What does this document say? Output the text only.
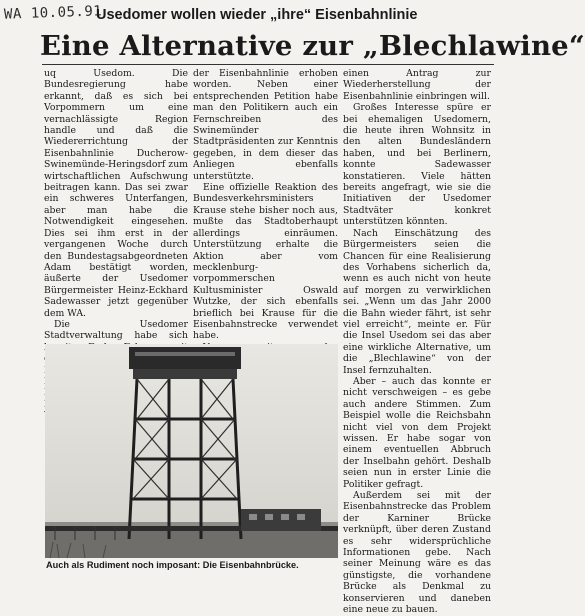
WA 10.05.91
Usedomer wollen wieder „ihre“ Eisenbahnlinie
Eine Alternative zur „Blechlawine“

uq Usedom. Die Bundesregierung habe erkannt, daß es sich bei Vorpommern um eine vernachlässigte Region handle und daß die Wiedererrichtung der Eisenbahnlinie Ducherow-Swinemünde-Heringsdorf zum wirtschaftlichen Aufschwung beitragen kann. Das sei zwar ein schweres Unterfangen, aber man habe die Notwendigkeit eingesehen. Dies sei ihm erst in der vergangenen Woche durch den Bundestagsabgeordneten Adam bestätigt worden, äußerte der Usedomer Bürgermeister Heinz-Eckhard Sadewasser jetzt gegenüber dem WA.

Die Usedomer Stadtverwaltung habe sich

der Eisenbahnlinie erhoben worden. Neben einer entsprechenden Petition habe man den Politikern auch ein Fernschreiben des Swinemünder Stadtpräsidenten zur Kenntnis gegeben, in dem dieser das Anliegen ebenfalls unterstützte.

Eine offizielle Reaktion des Bundesverkehrsministers Krause stehe bisher noch aus, mußte das Stadtoberhaupt allerdings einräumen. Unterstützung erhalte die Aktion aber vom mecklenburg-vorpommerschen Kultusminister Oswald Wutzke, der sich ebenfalls brieflich bei Krause für die Eisenbahnstrecke verwendet habe.

einen Antrag zur Wiederherstellung der Eisenbahnlinie einbringen will.

Großes Interesse spüre er bei ehemaligen Usedomern, die heute ihren Wohnsitz in den alten Bundesländern haben, und bei Berlinern, konnte Sadewasser konstatieren. Viele hätten bereits angefragt, wie sie die Initiativen der Usedomer Stadtväter konkret unterstützen könnten.

Nach Einschätzung des Bürgermeisters seien die Chancen für eine Realisierung des Vorhabens sicherlich da, wenn es auch nicht von heute auf morgen zu verwirklichen sei. „Wenn um das Jahr 2000 die Bahn wieder fährt, ist sehr viel erreicht“, meinte er. Für die Insel Usedom sei das aber eine wirkliche Alternative, um die „Blechlawine“ von der Insel fernzuhalten.

Aber – auch das konnte er nicht verschweigen – es gebe auch andere Stimmen. Zum Beispiel wolle die Reichsbahn nicht viel von dem Projekt wissen. Er habe sogar von einem eventuellen Abbruch der Inselbahn gehört. Deshalb seien nun in erster Linie die Politiker gefragt.

Außerdem sei mit der Eisenbahnstrecke das Problem der Karniner Brücke verknüpft, über deren Zustand es sehr widersprüchliche Informationen gebe. Nach seiner Meinung wäre es das günstigste, die vorhandene Brücke als Denkmal zu konservieren und daneben eine neue zu bauen.

Auch als Rudiment noch imposant: Die Eisenbahnbrücke.
